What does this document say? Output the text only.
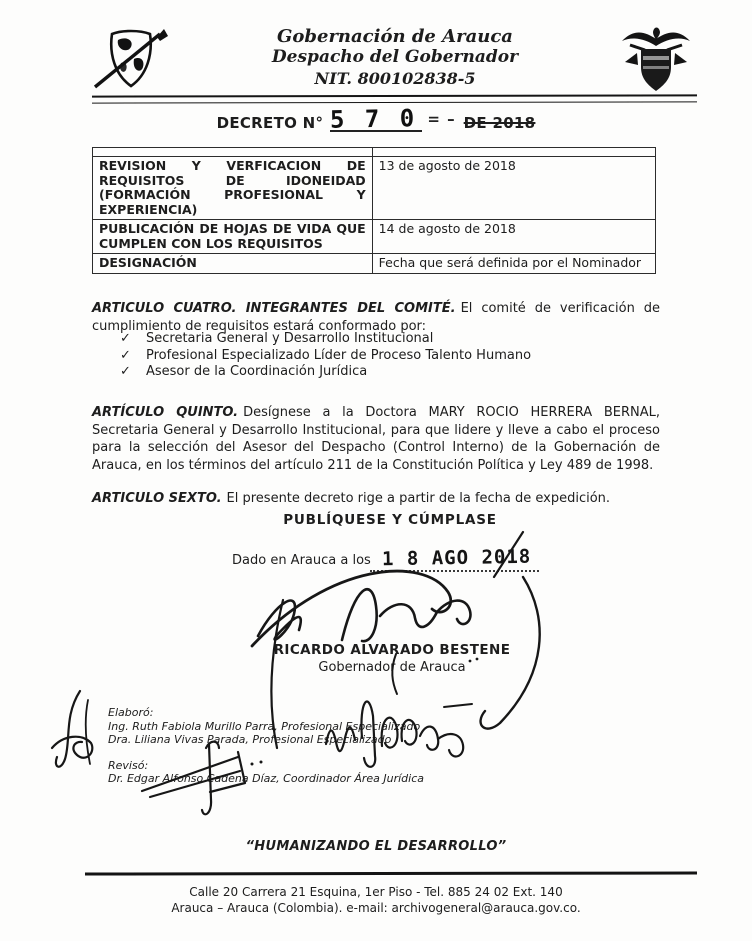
Gobernación de Arauca
Despacho del Gobernador
NIT. 800102838-5
DECRETO N° 5 7 0 = – DE 2018

REVISION Y VERFICACION DE REQUISITOS DE IDONEIDAD (FORMACIÓN PROFESIONAL Y EXPERIENCIA)	13 de agosto de 2018
PUBLICACIÓN DE HOJAS DE VIDA QUE CUMPLEN CON LOS REQUISITOS	14 de agosto de 2018
DESIGNACIÓN	Fecha que será definida por el Nominador

ARTICULO CUATRO. INTEGRANTES DEL COMITÉ. El comité de verificación de cumplimiento de requisitos estará conformado por:

✓ Secretaria General y Desarrollo Institucional
✓ Profesional Especializado Líder de Proceso Talento Humano
✓ Asesor de la Coordinación Jurídica

ARTÍCULO QUINTO. Desígnese a la Doctora MARY ROCIO HERRERA BERNAL, Secretaria General y Desarrollo Institucional, para que lidere y lleve a cabo el proceso para la selección del Asesor del Despacho (Control Interno) de la Gobernación de Arauca, en los términos del artículo 211 de la Constitución Política y Ley 489 de 1998.

ARTICULO SEXTO. El presente decreto rige a partir de la fecha de expedición.

PUBLÍQUESE Y CÚMPLASE
Dado en Arauca a los 1 8 AGO 2018
RICARDO ALVARADO BESTENE
Gobernador de Arauca
Elaboró:
Ing. Ruth Fabiola Murillo Parra, Profesional Especializado
Dra. Liliana Vivas Parada, Profesional Especializado
Revisó:
Dr. Edgar Alfonso Cadena Díaz, Coordinador Área Jurídica
“HUMANIZANDO EL DESARROLLO”
Calle 20 Carrera 21 Esquina, 1er Piso - Tel. 885 24 02 Ext. 140
Arauca – Arauca (Colombia). e-mail: archivogeneral@arauca.gov.co.
